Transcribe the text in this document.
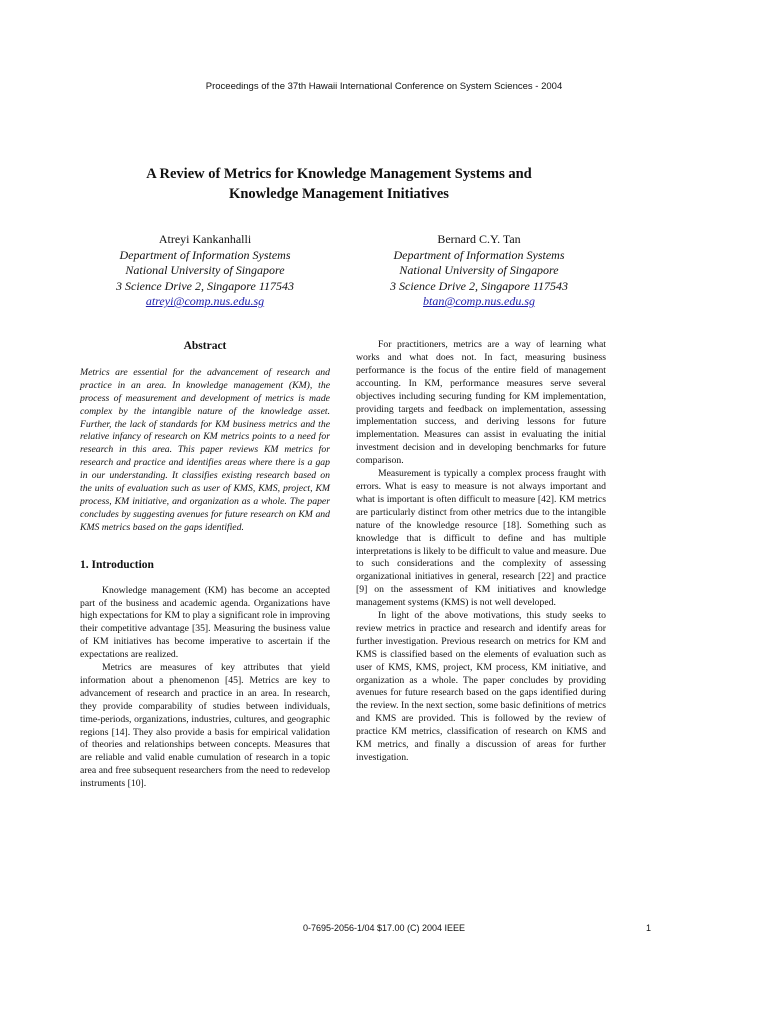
Proceedings of the 37th Hawaii International Conference on System Sciences - 2004
A Review of Metrics for Knowledge Management Systems and
Knowledge Management Initiatives
Atreyi Kankanhalli
Department of Information Systems
National University of Singapore
3 Science Drive 2, Singapore 117543
atreyi@comp.nus.edu.sg
Bernard C.Y. Tan
Department of Information Systems
National University of Singapore
3 Science Drive 2, Singapore 117543
btan@comp.nus.edu.sg
Abstract

Metrics are essential for the advancement of research and practice in an area. In knowledge management (KM), the process of measurement and development of metrics is made complex by the intangible nature of the knowledge asset. Further, the lack of standards for KM business metrics and the relative infancy of research on KM metrics points to a need for research in this area. This paper reviews KM metrics for research and practice and identifies areas where there is a gap in our understanding. It classifies existing research based on the units of evaluation such as user of KMS, KMS, project, KM process, KM initiative, and organization as a whole. The paper concludes by suggesting avenues for future research on KM and KMS metrics based on the gaps identified.

1. Introduction

Knowledge management (KM) has become an accepted part of the business and academic agenda. Organizations have high expectations for KM to play a significant role in improving their competitive advantage [35]. Measuring the business value of KM initiatives has become imperative to ascertain if the expectations are realized.

Metrics are measures of key attributes that yield information about a phenomenon [45]. Metrics are key to advancement of research and practice in an area. In research, they provide comparability of studies between individuals, time-periods, organizations, industries, cultures, and geographic regions [14]. They also provide a basis for empirical validation of theories and relationships between concepts. Measures that are reliable and valid enable cumulation of research in a topic area and free subsequent researchers from the need to redevelop instruments [10].

For practitioners, metrics are a way of learning what works and what does not. In fact, measuring business performance is the focus of the entire field of management accounting. In KM, performance measures serve several objectives including securing funding for KM implementation, providing targets and feedback on implementation, assessing implementation success, and deriving lessons for future implementation. Measures can assist in evaluating the initial investment decision and in developing benchmarks for future comparison.

Measurement is typically a complex process fraught with errors. What is easy to measure is not always important and what is important is often difficult to measure [42]. KM metrics are particularly distinct from other metrics due to the intangible nature of the knowledge resource [18]. Something such as knowledge that is difficult to define and has multiple interpretations is likely to be difficult to value and measure. Due to such considerations and the complexity of assessing organizational initiatives in general, research [22] and practice [9] on the assessment of KM initiatives and knowledge management systems (KMS) is not well developed.

In light of the above motivations, this study seeks to review metrics in practice and research and identify areas for further investigation. Previous research on metrics for KM and KMS is classified based on the elements of evaluation such as user of KMS, KMS, project, KM process, KM initiative, and organization as a whole. The paper concludes by providing avenues for future research based on the gaps identified during the review. In the next section, some basic definitions of metrics and KMS are provided. This is followed by the review of practice KM metrics, classification of research on KMS and KM metrics, and finally a discussion of areas for further investigation.

0-7695-2056-1/04 $17.00 (C) 2004 IEEE	1
